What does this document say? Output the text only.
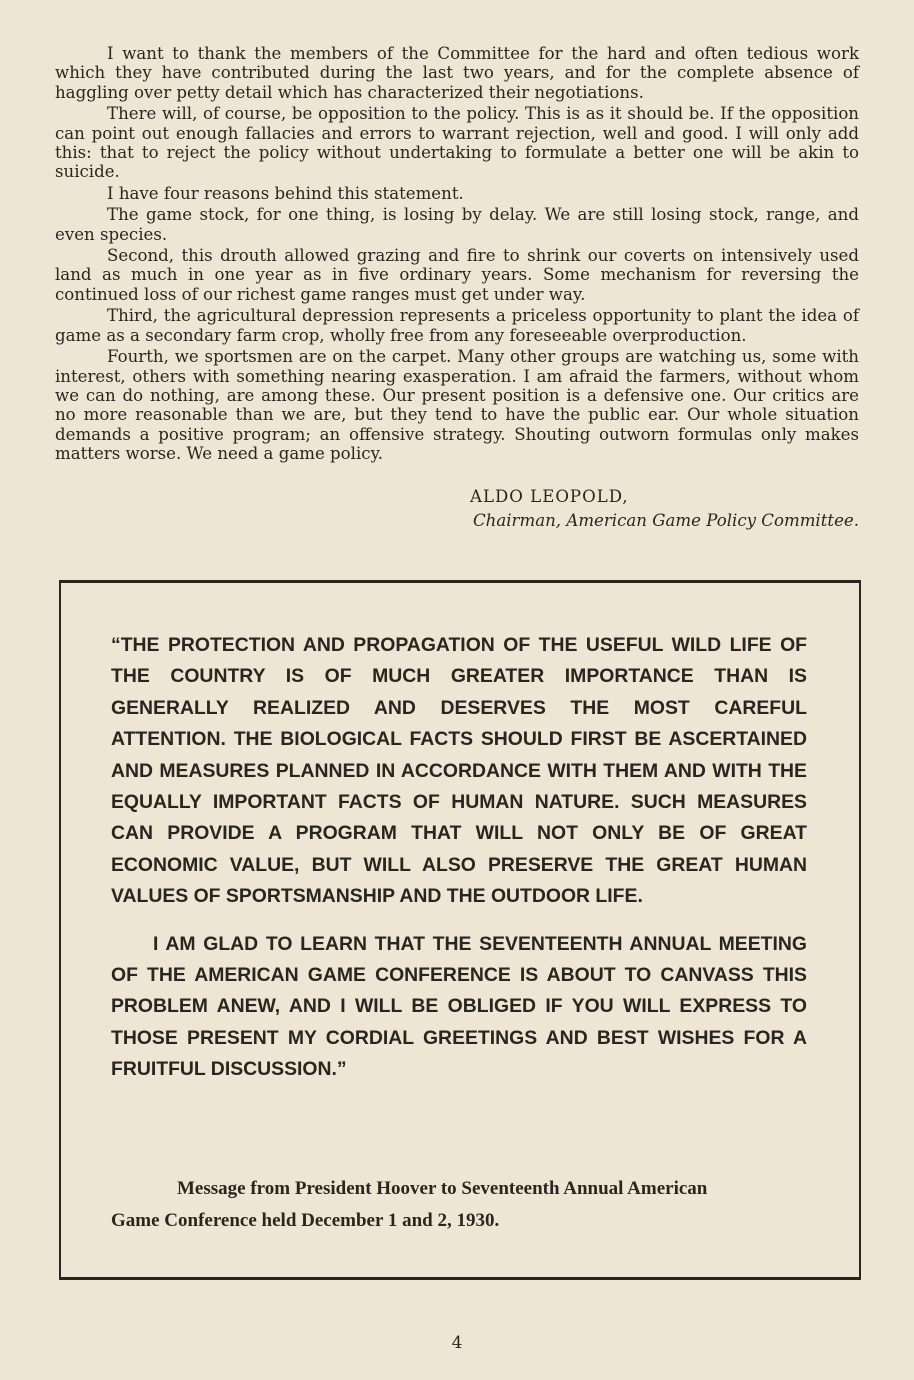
I want to thank the members of the Committee for the hard and often tedious work which they have contributed during the last two years, and for the complete absence of haggling over petty detail which has characterized their negotiations.

There will, of course, be opposition to the policy. This is as it should be. If the opposition can point out enough fallacies and errors to warrant rejection, well and good. I will only add this: that to reject the policy without undertaking to formulate a better one will be akin to suicide.

I have four reasons behind this statement.

The game stock, for one thing, is losing by delay. We are still losing stock, range, and even species.

Second, this drouth allowed grazing and fire to shrink our coverts on intensively used land as much in one year as in five ordinary years. Some mechanism for reversing the continued loss of our richest game ranges must get under way.

Third, the agricultural depression represents a priceless opportunity to plant the idea of game as a secondary farm crop, wholly free from any foreseeable overproduction.

Fourth, we sportsmen are on the carpet. Many other groups are watching us, some with interest, others with something nearing exasperation. I am afraid the farmers, without whom we can do nothing, are among these. Our present position is a defensive one. Our critics are no more reasonable than we are, but they tend to have the public ear. Our whole situation demands a positive program; an offensive strategy. Shouting outworn formulas only makes matters worse. We need a game policy.

ALDO LEOPOLD,
Chairman, American Game Policy Committee.

“THE PROTECTION AND PROPAGATION OF THE USEFUL WILD LIFE OF THE COUNTRY IS OF MUCH GREATER IMPORTANCE THAN IS GENERALLY REALIZED AND DESERVES THE MOST CAREFUL ATTENTION. THE BIOLOGICAL FACTS SHOULD FIRST BE ASCERTAINED AND MEASURES PLANNED IN ACCORDANCE WITH THEM AND WITH THE EQUALLY IMPORTANT FACTS OF HUMAN NATURE. SUCH MEASURES CAN PROVIDE A PROGRAM THAT WILL NOT ONLY BE OF GREAT ECONOMIC VALUE, BUT WILL ALSO PRESERVE THE GREAT HUMAN VALUES OF SPORTSMANSHIP AND THE OUTDOOR LIFE.

I AM GLAD TO LEARN THAT THE SEVENTEENTH ANNUAL MEETING OF THE AMERICAN GAME CONFERENCE IS ABOUT TO CANVASS THIS PROBLEM ANEW, AND I WILL BE OBLIGED IF YOU WILL EXPRESS TO THOSE PRESENT MY CORDIAL GREETINGS AND BEST WISHES FOR A FRUITFUL DISCUSSION.”

Message from President Hoover to Seventeenth Annual American
Game Conference held December 1 and 2, 1930.
4
